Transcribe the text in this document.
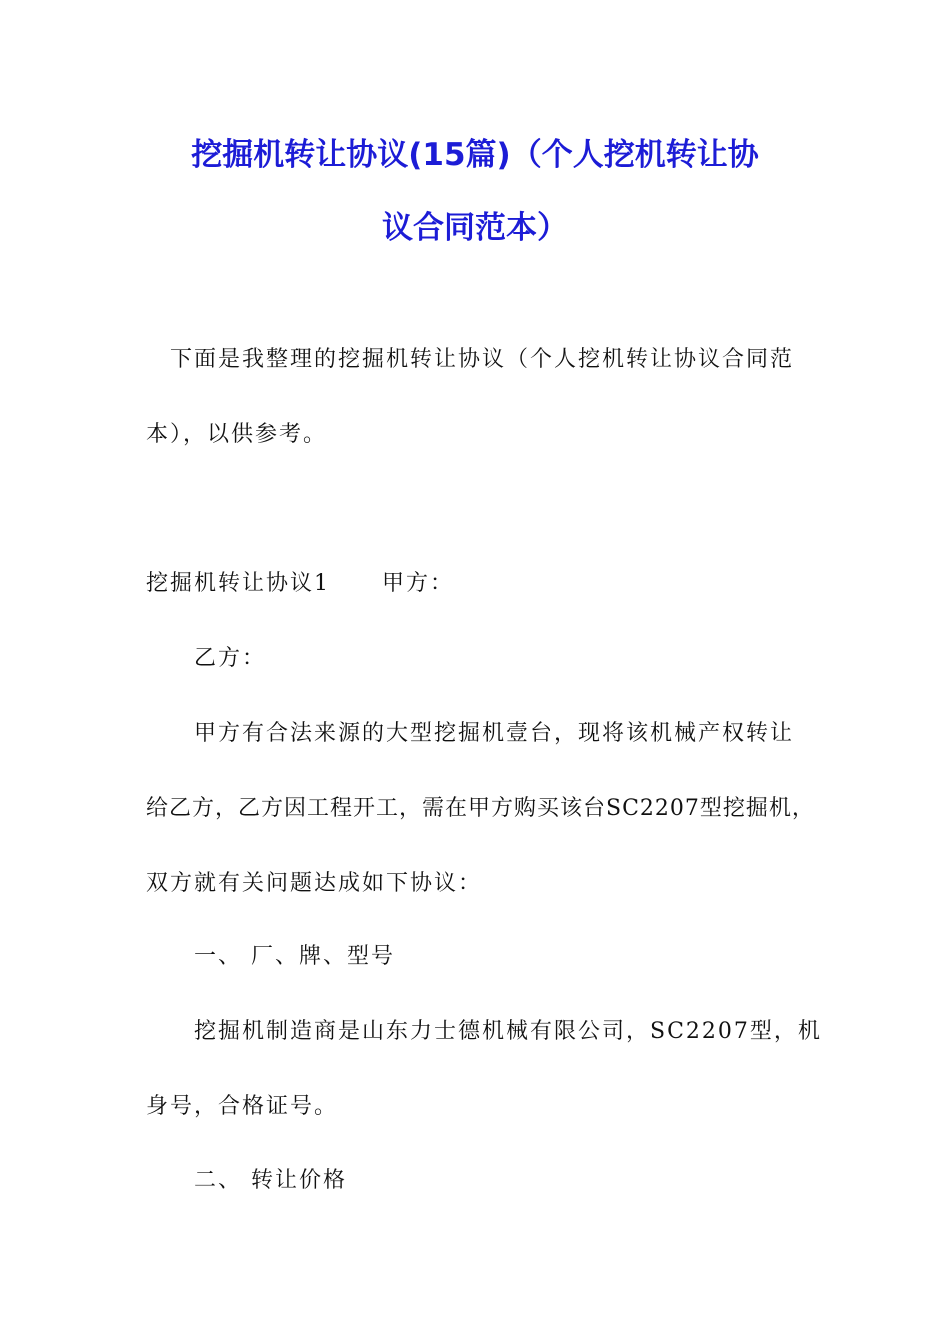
挖掘机转让协议(15篇)（个人挖机转让协
议合同范本）
下面是我整理的挖掘机转让协议（个人挖机转让协议合同范
本），以供参考。
挖掘机转让协议1 甲方：
乙方：
甲方有合法来源的大型挖掘机壹台，现将该机械产权转让
给乙方，乙方因工程开工，需在甲方购买该台SC2207型挖掘机，
双方就有关问题达成如下协议：
一、 厂、牌、型号
挖掘机制造商是山东力士德机械有限公司，SC2207型，机
身号，合格证号。
二、 转让价格
